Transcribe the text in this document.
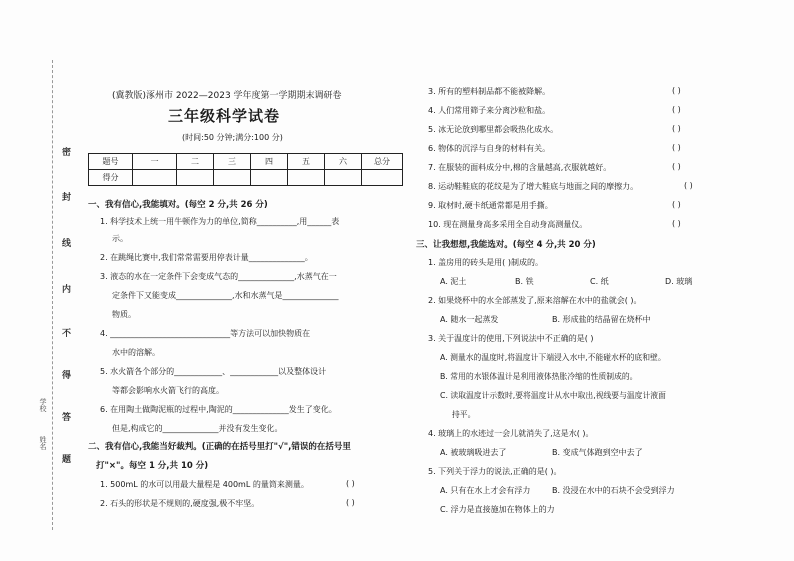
密
封
线
内
不
得
答
题
学校
姓名
(冀教版)涿州市 2022—2023 学年度第一学期期末调研卷
三年级科学试卷
(时间:50 分钟;满分:100 分)
题号	一	二	三	四	五	六	总分
得分							
一、我有信心,我能填对。(每空 2 分,共 26 分)
1. 科学技术上统一用牛顿作为力的单位,简称__________,用______表
示。
2. 在跳绳比赛中,我们常常需要用停表计量______________。
3. 液态的水在一定条件下会变成气态的______________,水蒸气在一
定条件下又能变成______________,水和水蒸气是______________
物质。
4. ______________________________等方法可以加快物质在
水中的溶解。
5. 水火箭各个部分的____________、____________以及整体设计
等都会影响水火箭飞行的高度。
6. 在用陶土做陶泥瓶的过程中,陶泥的______________发生了变化。
但是,构成它的______________并没有发生变化。
二、我有信心,我能当好裁判。(正确的在括号里打"√",错误的在括号里
打"×"。每空 1 分,共 10 分)
1. 500mL 的水可以用最大量程是 400mL 的量筒来测量。	( )
2. 石头的形状是不规则的,硬度强,极不牢坚。	( )
3. 所有的塑料制品都不能被降解。	( )
4. 人们常用筛子来分离沙粒和盐。	( )
5. 冰无论放到哪里都会吸热化成水。	( )
6. 物体的沉浮与自身的材料有关。	( )
7. 在服装的面料成分中,棉的含量越高,衣服就越好。	( )
8. 运动鞋鞋底的花纹是为了增大鞋底与地面之间的摩擦力。	( )
9. 取材时,硬卡纸通常都是用手撕。	( )
10. 现在测量身高多采用全自动身高测量仪。	( )
三、让我想想,我能选对。(每空 4 分,共 20 分)
1. 盖房用的砖头是用( )制成的。
A. 泥土	B. 铁	C. 纸	D. 玻璃
2. 如果烧杯中的水全部蒸发了,原来溶解在水中的盐就会( )。
A. 随水一起蒸发	B. 形成盐的结晶留在烧杯中
3. 关于温度计的使用,下列说法中不正确的是( )
A. 测量水的温度时,将温度计下端浸入水中,不能碰水杯的底和壁。
B. 常用的水银体温计是利用液体热胀冷缩的性质制成的。
C. 读取温度计示数时,要将温度计从水中取出,视线要与温度计液面
持平。
4. 玻璃上的水迹过一会儿就消失了,这是水( )。
A. 被玻璃吸进去了	B. 变成气体跑到空中去了
5. 下列关于浮力的说法,正确的是( )。
A. 只有在水上才会有浮力	B. 没浸在水中的石块不会受到浮力
C. 浮力是直接施加在物体上的力
